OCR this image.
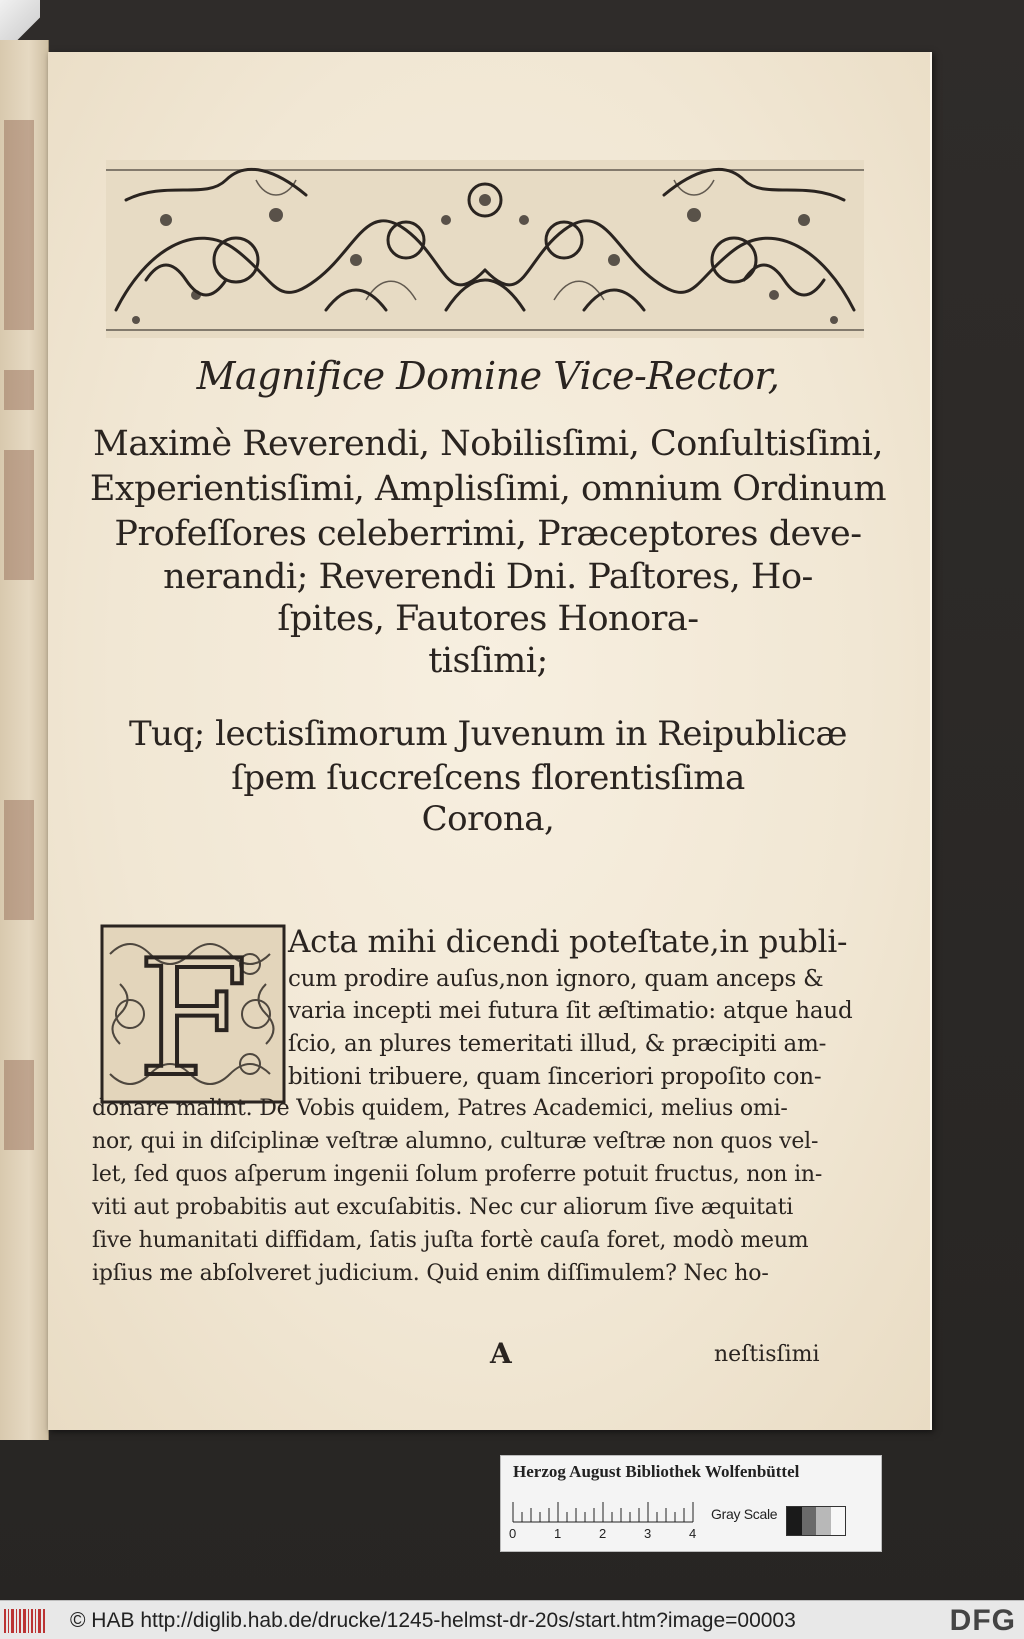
Magnifice Domine Vice-Rector,
Maximè Reverendi, Nobilisſimi, Conſultisſimi,
Experientisſimi, Amplisſimi, omnium Ordinum
Profeſſores celeberrimi, Præceptores deve-
nerandi; Reverendi Dni. Paſtores, Ho-
ſpites, Fautores Honora-
tisſimi;
Tuq; lectisſimorum Juvenum in Reipublicæ
ſpem ſuccreſcens florentisſima
Corona,
F Acta mihi dicendi poteſtate,in publi-
cum prodire auſus,non ignoro, quam anceps &
varia incepti mei futura ſit æſtimatio: atque haud
ſcio, an plures temeritati illud, & præcipiti am-
bitioni tribuere, quam ſinceriori propoſito con-
donare malint. De Vobis quidem, Patres Academici, melius omi-
nor, qui in diſciplinæ veſtræ alumno, culturæ veſtræ non quos vel-
let, ſed quos aſperum ingenii ſolum proferre potuit fructus, non in-
viti aut probabitis aut excuſabitis. Nec cur aliorum ſive æquitati
ſive humanitati diffidam, ſatis juſta fortè cauſa foret, modò meum
ipſius me abſolveret judicium. Quid enim diſſimulem? Nec ho-
A	neſtisſimi
Herzog August Bibliothek Wolfenbüttel
0	1	2	3	4
Gray Scale
© HAB http://diglib.hab.de/drucke/1245-helmst-dr-20s/start.htm?image=00003	DFG
